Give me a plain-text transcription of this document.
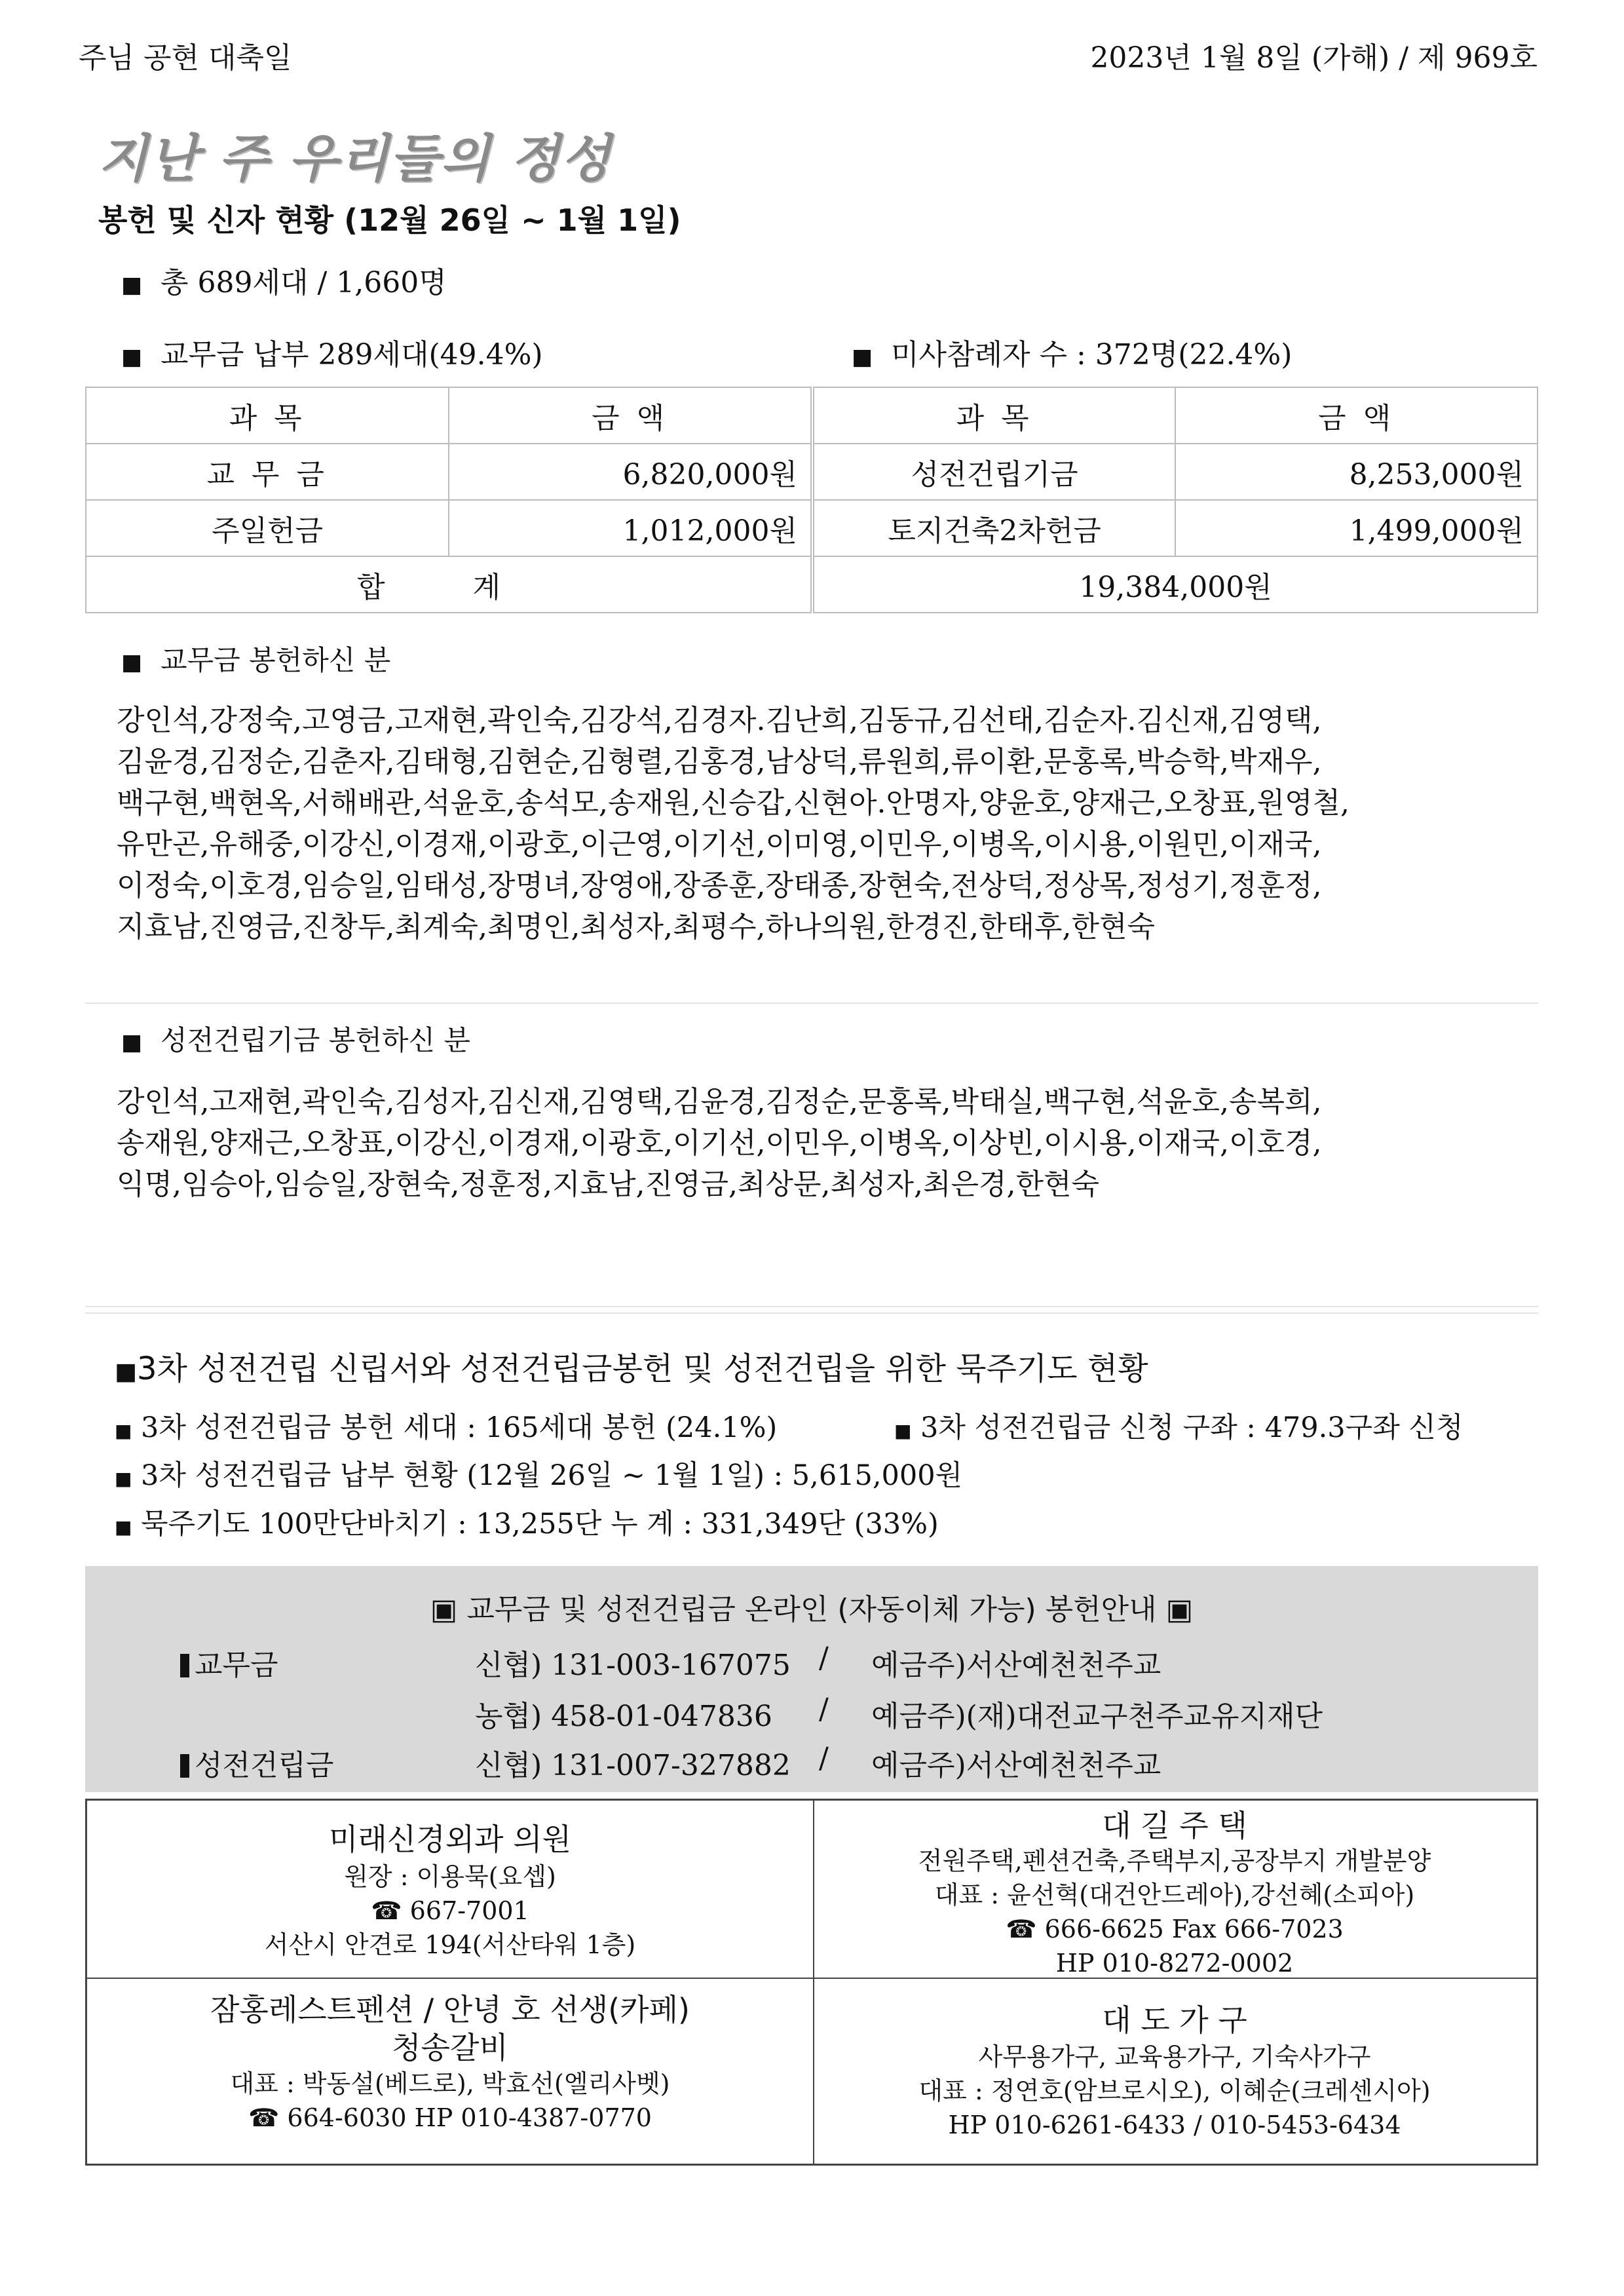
주님 공현 대축일	2023년 1월 8일 (가해) / 제 969호
지난 주 우리들의 정성
봉헌 및 신자 현황 (12월 26일 ~ 1월 1일)
■ 총 689세대 / 1,660명
■ 교무금 납부 289세대(49.4%)	■ 미사참례자 수 : 372명(22.4%)
과 목	금 액	과 목	금 액
교 무 금	6,820,000원	성전건립기금	8,253,000원
주일헌금	1,012,000원	토지건축2차헌금	1,499,000원
합 계		19,384,000원	
■ 교무금 봉헌하신 분
강인석,강정숙,고영금,고재현,곽인숙,김강석,김경자.김난희,김동규,김선태,김순자.김신재,김영택,
김윤경,김정순,김춘자,김태형,김현순,김형렬,김홍경,남상덕,류원희,류이환,문홍록,박승학,박재우,
백구현,백현옥,서해배관,석윤호,송석모,송재원,신승갑,신현아.안명자,양윤호,양재근,오창표,원영철,
유만곤,유해중,이강신,이경재,이광호,이근영,이기선,이미영,이민우,이병옥,이시용,이원민,이재국,
이정숙,이호경,임승일,임태성,장명녀,장영애,장종훈,장태종,장현숙,전상덕,정상목,정성기,정훈정,
지효남,진영금,진창두,최계숙,최명인,최성자,최평수,하나의원,한경진,한태후,한현숙
■ 성전건립기금 봉헌하신 분
강인석,고재현,곽인숙,김성자,김신재,김영택,김윤경,김정순,문홍록,박태실,백구현,석윤호,송복희,
송재원,양재근,오창표,이강신,이경재,이광호,이기선,이민우,이병옥,이상빈,이시용,이재국,이호경,
익명,임승아,임승일,장현숙,정훈정,지효남,진영금,최상문,최성자,최은경,한현숙
■3차 성전건립 신립서와 성전건립금봉헌 및 성전건립을 위한 묵주기도 현황
■ 3차 성전건립금 봉헌 세대 : 165세대 봉헌 (24.1%)	■ 3차 성전건립금 신청 구좌 : 479.3구좌 신청
■ 3차 성전건립금 납부 현황 (12월 26일 ~ 1월 1일) : 5,615,000원
■ 묵주기도 100만단바치기 : 13,255단 누 계 : 331,349단 (33%)
▣ 교무금 및 성전건립금 온라인 (자동이체 가능) 봉헌안내 ▣
교무금	신협) 131-003-167075 / 예금주)서산예천천주교
농협) 458-01-047836 / 예금주)(재)대전교구천주교유지재단
성전건립금	신협) 131-007-327882 / 예금주)서산예천천주교
미래신경외과 의원
원장 : 이용묵(요셉)
☎ 667-7001
서산시 안견로 194(서산타워 1층)
대 길 주 택
전원주택,펜션건축,주택부지,공장부지 개발분양
대표 : 윤선혁(대건안드레아),강선혜(소피아)
☎ 666-6625 Fax 666-7023
HP 010-8272-0002
잠홍레스트펜션 / 안녕 호 선생(카페)
청송갈비
대표 : 박동설(베드로), 박효선(엘리사벳)
☎ 664-6030 HP 010-4387-0770
대 도 가 구
사무용가구, 교육용가구, 기숙사가구
대표 : 정연호(암브로시오), 이혜순(크레센시아)
HP 010-6261-6433 / 010-5453-6434
